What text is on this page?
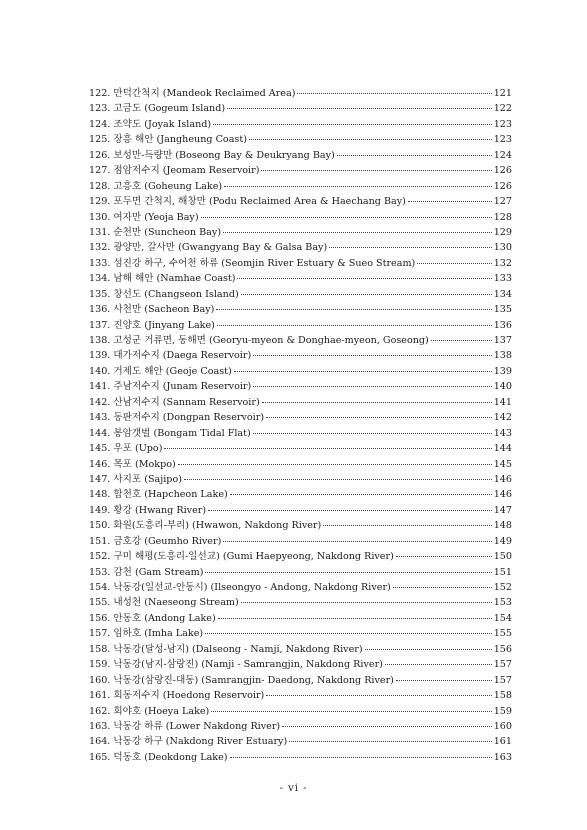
122. 만덕간척지 (Mandeok Reclaimed Area)	121
123. 고금도 (Gogeum Island)	122
124. 조약도 (Joyak Island)	123
125. 장흥 해안 (Jangheung Coast)	123
126. 보성만-득량만 (Boseong Bay & Deukryang Bay)	124
127. 점암저수지 (Jeomam Reservoir)	126
128. 고흥호 (Goheung Lake)	126
129. 포두면 간척지, 해창만 (Podu Reclaimed Area & Haechang Bay)	127
130. 여자만 (Yeoja Bay)	128
131. 순천만 (Suncheon Bay)	129
132. 광양만, 갈사만 (Gwangyang Bay & Galsa Bay)	130
133. 섬진강 하구, 수어천 하류 (Seomjin River Estuary & Sueo Stream)	132
134. 남해 해안 (Namhae Coast)	133
135. 창선도 (Changseon Island)	134
136. 사천만 (Sacheon Bay)	135
137. 진양호 (Jinyang Lake)	136
138. 고성군 거류면, 동해면 (Georyu-myeon & Donghae-myeon, Goseong)	137
139. 대가저수지 (Daega Reservoir)	138
140. 거제도 해안 (Geoje Coast)	139
141. 주남저수지 (Junam Reservoir)	140
142. 산남저수지 (Sannam Reservoir)	141
143. 동판저수지 (Dongpan Reservoir)	142
144. 봉암갯벌 (Bongam Tidal Flat)	143
145. 우포 (Upo)	144
146. 목포 (Mokpo)	145
147. 사지포 (Sajipo)	146
148. 합천호 (Hapcheon Lake)	146
149. 황강 (Hwang River)	147
150. 화원(도흥리-부리) (Hwawon, Nakdong River)	148
151. 금호강 (Geumho River)	149
152. 구미 해평(도흥리-일선교) (Gumi Haepyeong, Nakdong River)	150
153. 감천 (Gam Stream)	151
154. 낙동강(일선교-안동시) (Ilseongyo - Andong, Nakdong River)	152
155. 내성천 (Naeseong Stream)	153
156. 안동호 (Andong Lake)	154
157. 임하호 (Imha Lake)	155
158. 낙동강(달성-남지) (Dalseong - Namji, Nakdong River)	156
159. 낙동강(남지-삼랑진) (Namji - Samrangjin, Nakdong River)	157
160. 낙동강(삼랑진-대동) (Samrangjin- Daedong, Nakdong River)	157
161. 회동저수지 (Hoedong Reservoir)	158
162. 회야호 (Hoeya Lake)	159
163. 낙동강 하류 (Lower Nakdong River)	160
164. 낙동강 하구 (Nakdong River Estuary)	161
165. 덕동호 (Deokdong Lake)	163
- vi -
